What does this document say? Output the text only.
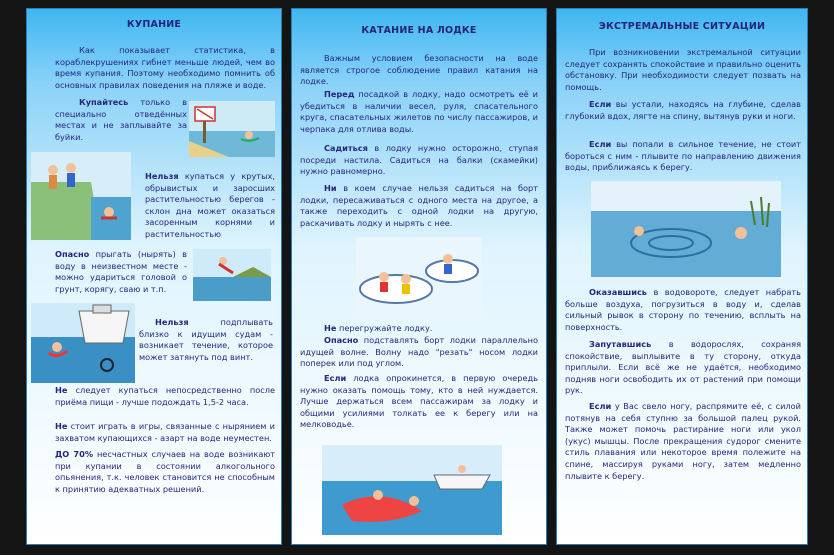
КУПАНИЕ

Как показывает статистика, в кораблекрушениях гибнет меньше людей, чем во время купания. Поэтому необходимо помнить об основных правилах поведения на пляже и воде.

Купайтесь только в специально отведённых местах и не заплывайте за буйки.

Нельзя купаться у крутых, обрывистых и заросших растительностью берегов - склон дна может оказаться засоренным корнями и растительностью

Опасно прыгать (нырять) в воду в неизвестном месте - можно удариться головой о грунт, корягу, сваю и т.п.

Нельзя подплывать близко к идущим судам - возникает течение, которое может затянуть под винт.

Не следует купаться непосредственно после приёма пищи - лучше подождать 1,5-2 часа.

Не стоит играть в игры, связанные с нырянием и захватом купающихся - азарт на воде неуместен.

ДО 70% несчастных случаев на воде возникают при купании в состоянии алкогольного опьянения, т.к. человек становится не способным к принятию адекватных решений.

КАТАНИЕ НА ЛОДКЕ

Важным условием безопасности на воде является строгое соблюдение правил катания на лодке.

Перед посадкой в лодку, надо осмотреть её и убедиться в наличии весел, руля, спасательного круга, спасательных жилетов по числу пассажиров, и черпака для отлива воды.

Садиться в лодку нужно осторожно, ступая посреди настила. Садиться на балки (скамейки) нужно равномерно.

Ни в коем случае нельзя садиться на борт лодки, пересаживаться с одного места на другое, а также переходить с одной лодки на другую, раскачивать лодку и нырять с нее.

Не перегружайте лодку.

Опасно подставлять борт лодки параллельно идущей волне. Волну надо "резать" носом лодки поперек или под углом.

Если лодка опрокинется, в первую очередь нужно оказать помощь тому, кто в ней нуждается. Лучше держаться всем пассажирам за лодку и общими усилиями толкать ее к берегу или на мелководье.

ЭКСТРЕМАЛЬНЫЕ СИТУАЦИИ

При возникновении экстремальной ситуации следует сохранять спокойствие и правильно оценить обстановку. При необходимости следует позвать на помощь.

Если вы устали, находясь на глубине, сделав глубокий вдох, лягте на спину, вытянув руки и ноги.

Если вы попали в сильное течение, не стоит бороться с ним - плывите по направлению движения воды, приближаясь к берегу.

Оказавшись в водовороте, следует набрать больше воздуха, погрузиться в воду и, сделав сильный рывок в сторону по течению, всплыть на поверхность.

Запутавшись в водорослях, сохраняя спокойствие, выплывите в ту сторону, откуда приплыли. Если всё же не удаётся, необходимо подняв ноги освободить их от растений при помощи рук.

Если у Вас свело ногу, распрямите её, с силой потянув на себя ступню за большой палец рукой. Также может помочь растирание ноги или укол (укус) мышцы. После прекращения судорог смените стиль плавания или некоторое время полежите на спине, массируя руками ногу, затем медленно плывите к берегу.
